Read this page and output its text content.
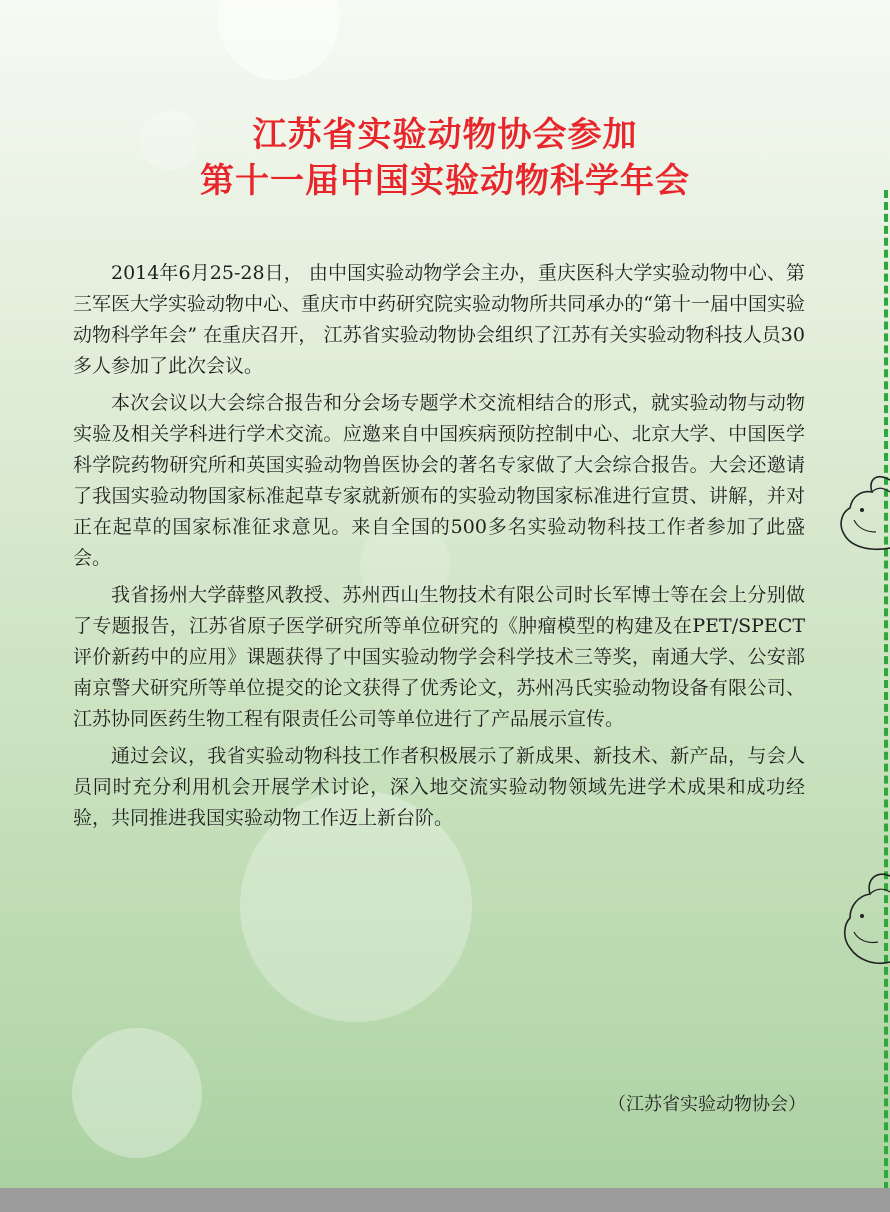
江苏省实验动物协会参加
第十一届中国实验动物科学年会

2014年6月25-28日， 由中国实验动物学会主办，重庆医科大学实验动物中心、第三军医大学实验动物中心、重庆市中药研究院实验动物所共同承办的“第十一届中国实验动物科学年会” 在重庆召开， 江苏省实验动物协会组织了江苏有关实验动物科技人员30多人参加了此次会议。

本次会议以大会综合报告和分会场专题学术交流相结合的形式，就实验动物与动物实验及相关学科进行学术交流。应邀来自中国疾病预防控制中心、北京大学、中国医学科学院药物研究所和英国实验动物兽医协会的著名专家做了大会综合报告。大会还邀请了我国实验动物国家标准起草专家就新颁布的实验动物国家标准进行宣贯、讲解，并对正在起草的国家标准征求意见。来自全国的500多名实验动物科技工作者参加了此盛会。

我省扬州大学薛整风教授、苏州西山生物技术有限公司时长军博士等在会上分别做了专题报告，江苏省原子医学研究所等单位研究的《肿瘤模型的构建及在PET/SPECT评价新药中的应用》课题获得了中国实验动物学会科学技术三等奖，南通大学、公安部南京警犬研究所等单位提交的论文获得了优秀论文，苏州冯氏实验动物设备有限公司、江苏协同医药生物工程有限责任公司等单位进行了产品展示宣传。

通过会议，我省实验动物科技工作者积极展示了新成果、新技术、新产品，与会人员同时充分利用机会开展学术讨论，深入地交流实验动物领域先进学术成果和成功经验，共同推进我国实验动物工作迈上新台阶。

（江苏省实验动物协会）
